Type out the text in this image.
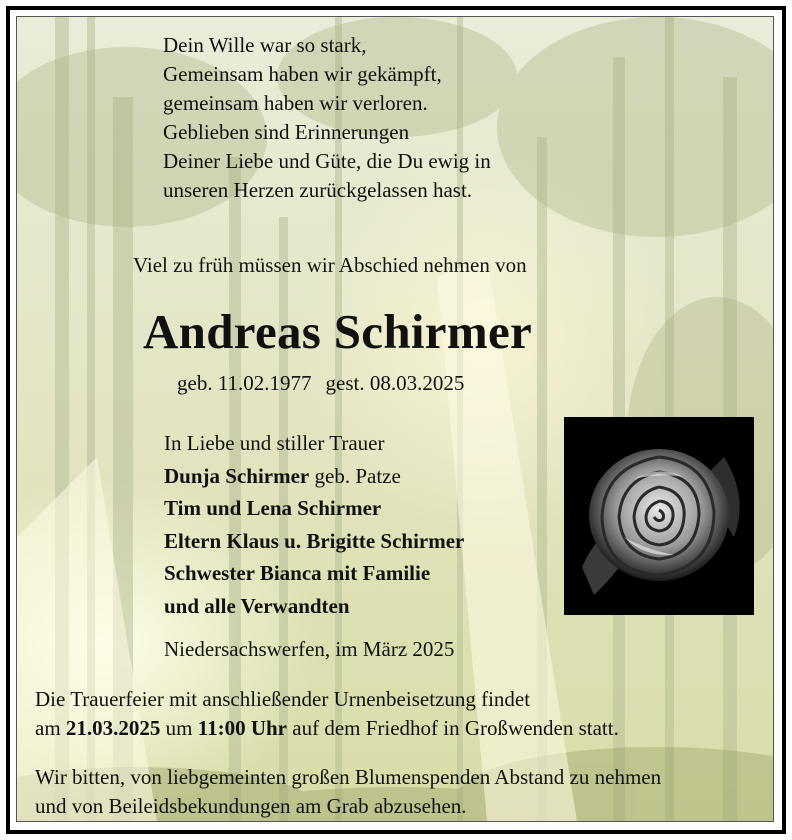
Dein Wille war so stark,
Gemeinsam haben wir gekämpft,
gemeinsam haben wir verloren.
Geblieben sind Erinnerungen
Deiner Liebe und Güte, die Du ewig in
unseren Herzen zurückgelassen hast.
Viel zu früh müssen wir Abschied nehmen von
Andreas Schirmer
geb. 11.02.1977 gest. 08.03.2025
In Liebe und stiller Trauer
Dunja Schirmer geb. Patze
Tim und Lena Schirmer
Eltern Klaus u. Brigitte Schirmer
Schwester Bianca mit Familie
und alle Verwandten
Niedersachswerfen, im März 2025
Die Trauerfeier mit anschließender Urnenbeisetzung findet
am 21.03.2025 um 11:00 Uhr auf dem Friedhof in Großwenden statt.
Wir bitten, von liebgemeinten großen Blumenspenden Abstand zu nehmen
und von Beileidsbekundungen am Grab abzusehen.
